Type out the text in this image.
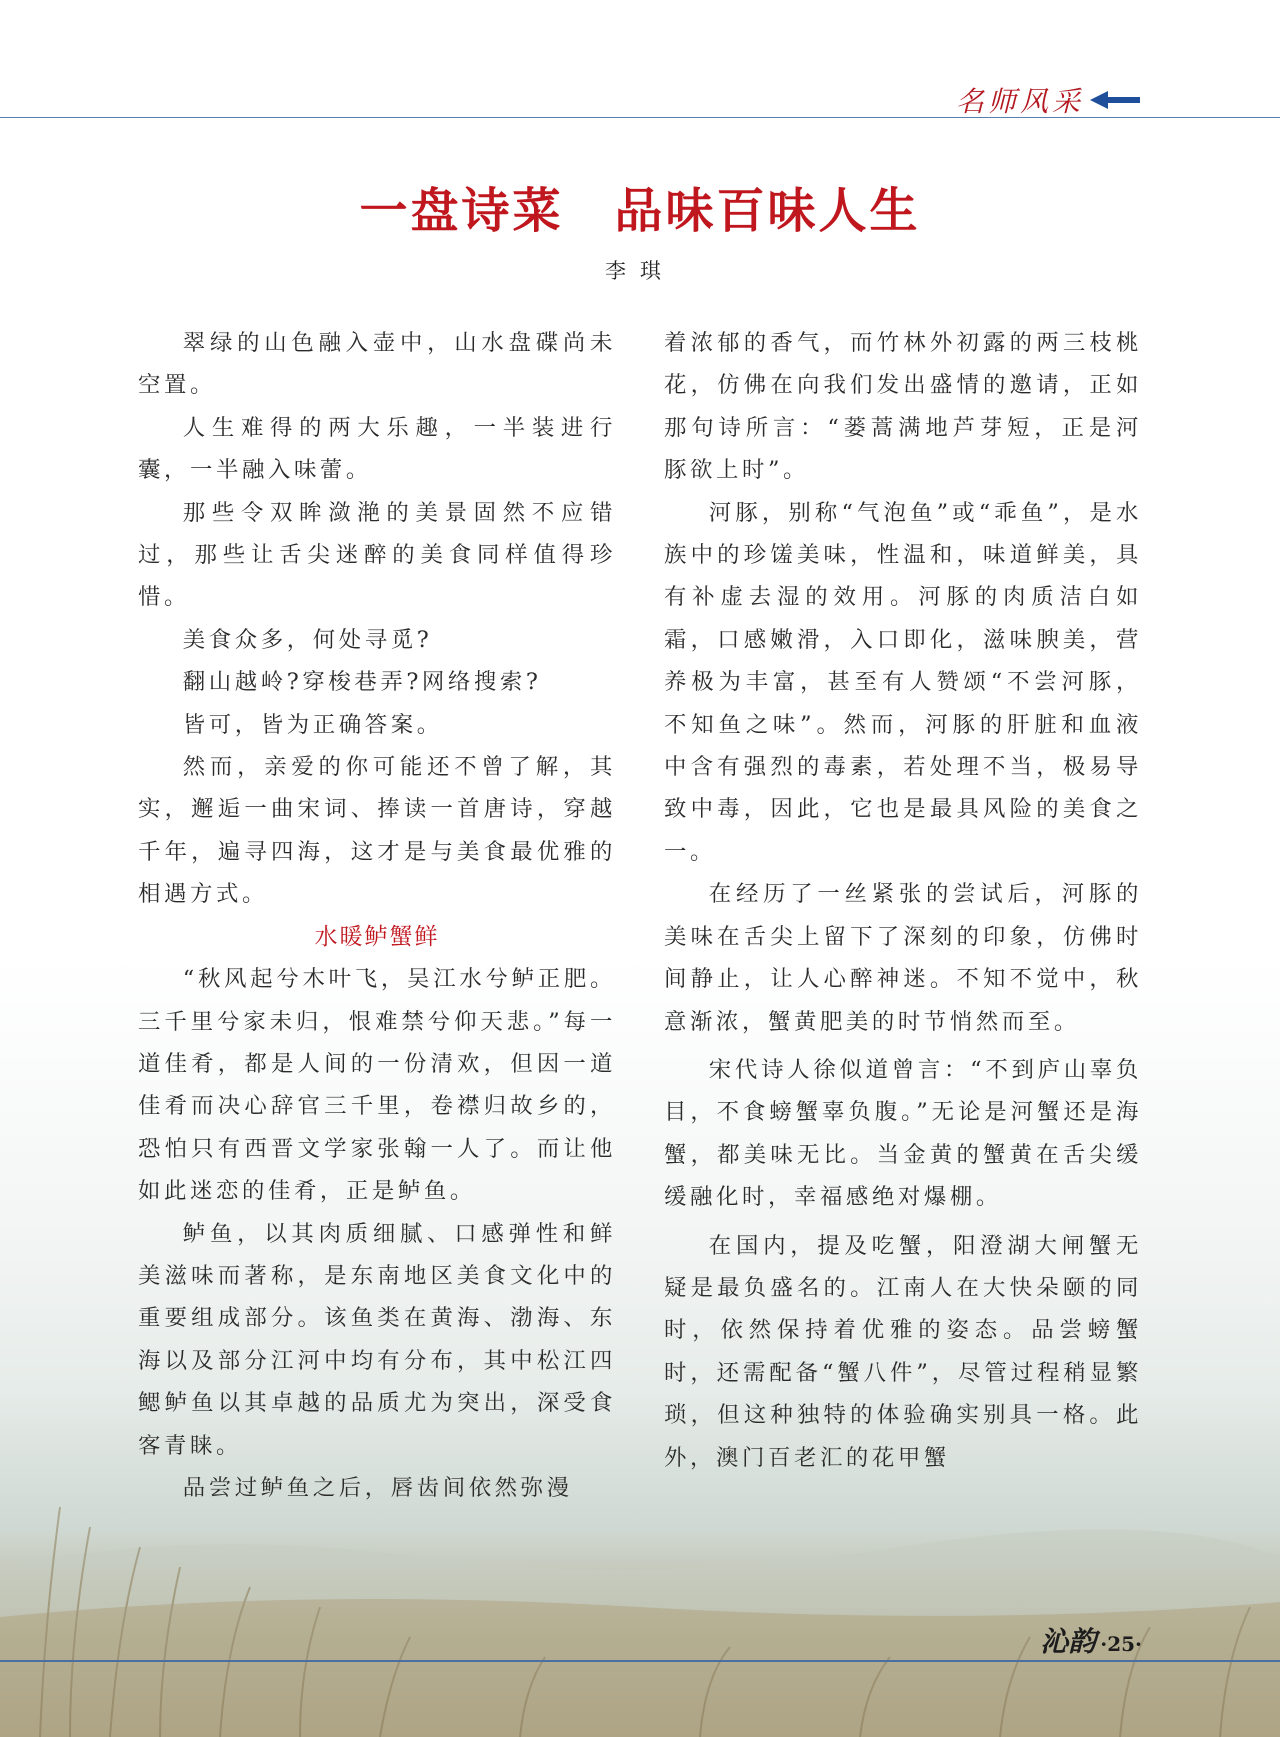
名师风采
一盘诗菜　品味百味人生
李琪

翠绿的山色融入壶中，山水盘碟尚未空置。

人生难得的两大乐趣，一半装进行囊，一半融入味蕾。

那些令双眸潋滟的美景固然不应错过，那些让舌尖迷醉的美食同样值得珍惜。

美食众多，何处寻觅?

翻山越岭?穿梭巷弄?网络搜索?

皆可，皆为正确答案。

然而，亲爱的你可能还不曾了解，其实，邂逅一曲宋词、捧读一首唐诗，穿越千年，遍寻四海，这才是与美食最优雅的相遇方式。

水暖鲈蟹鲜

“秋风起兮木叶飞，吴江水兮鲈正肥。三千里兮家未归，恨难禁兮仰天悲。”每一道佳肴，都是人间的一份清欢，但因一道佳肴而决心辞官三千里，卷襟归故乡的，恐怕只有西晋文学家张翰一人了。而让他如此迷恋的佳肴，正是鲈鱼。

鲈鱼，以其肉质细腻、口感弹性和鲜美滋味而著称，是东南地区美食文化中的重要组成部分。该鱼类在黄海、渤海、东海以及部分江河中均有分布，其中松江四鳃鲈鱼以其卓越的品质尤为突出，深受食客青睐。

品尝过鲈鱼之后，唇齿间依然弥漫

着浓郁的香气，而竹林外初露的两三枝桃花，仿佛在向我们发出盛情的邀请，正如那句诗所言：“蒌蒿满地芦芽短，正是河豚欲上时”。

河豚，别称“气泡鱼”或“乖鱼”，是水族中的珍馐美味，性温和，味道鲜美，具有补虚去湿的效用。河豚的肉质洁白如霜，口感嫩滑，入口即化，滋味腴美，营养极为丰富，甚至有人赞颂“不尝河豚，不知鱼之味”。然而，河豚的肝脏和血液中含有强烈的毒素，若处理不当，极易导致中毒，因此，它也是最具风险的美食之一。

在经历了一丝紧张的尝试后，河豚的美味在舌尖上留下了深刻的印象，仿佛时间静止，让人心醉神迷。不知不觉中，秋意渐浓，蟹黄肥美的时节悄然而至。

宋代诗人徐似道曾言：“不到庐山辜负目，不食螃蟹辜负腹。”无论是河蟹还是海蟹，都美味无比。当金黄的蟹黄在舌尖缓缓融化时，幸福感绝对爆棚。

在国内，提及吃蟹，阳澄湖大闸蟹无疑是最负盛名的。江南人在大快朵颐的同时，依然保持着优雅的姿态。品尝螃蟹时，还需配备“蟹八件”，尽管过程稍显繁琐，但这种独特的体验确实别具一格。此外，澳门百老汇的花甲蟹

沁韵 ·25·
